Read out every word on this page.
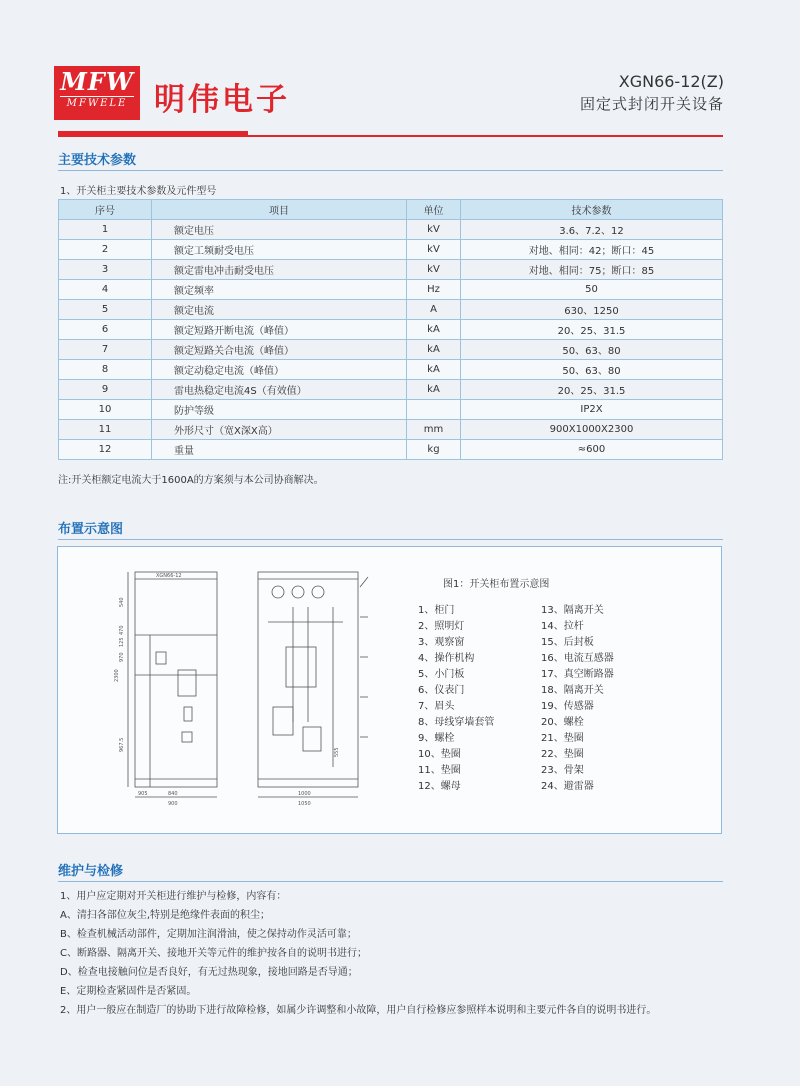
MFW
MFWELE 明伟电子
XGN66-12(Z)
固定式封闭开关设备
主要技术参数
1、开关柜主要技术参数及元件型号
序号	项目	单位	技术参数
1	额定电压	kV	3.6、7.2、12
2	额定工频耐受电压	kV	对地、相同：42；断口：45
3	额定雷电冲击耐受电压	kV	对地、相同：75；断口：85
4	额定频率	Hz	50
5	额定电流	A	630、1250
6	额定短路开断电流（峰值）	kA	20、25、31.5
7	额定短路关合电流（峰值）	kA	50、63、80
8	额定动稳定电流（峰值）	kA	50、63、80
9	雷电热稳定电流4S（有效值）	kA	20、25、31.5
10	防护等级		IP2X
11	外形尺寸（宽X深X高）	mm	900X1000X2300
12	重量	kg	≈600
注:开关柜额定电流大于1600A的方案须与本公司协商解决。
布置示意图
XGN66-12
540
2300
970
470
125
967.5
840
900
905	1000
1050
555
图1：开关柜布置示意图
1、柜门
2、照明灯
3、观察窗
4、操作机构
5、小门板
6、仪表门
7、眉头
8、母线穿墙套管
9、螺栓
10、垫圈
11、垫圈
12、螺母
13、隔离开关
14、拉杆
15、后封板
16、电流互感器
17、真空断路器
18、隔离开关
19、传感器
20、螺栓
21、垫圈
22、垫圈
23、骨架
24、避雷器
维护与检修
1、用户应定期对开关柜进行维护与检修，内容有：
A、清扫各部位灰尘,特别是绝缘件表面的积尘；
B、检查机械活动部件，定期加注润滑油，使之保持动作灵活可靠；
C、断路器、隔离开关、接地开关等元件的维护按各自的说明书进行；
D、检查电接触问位是否良好，有无过热现象，接地回路是否导通；
E、定期检查紧固件是否紧固。
2、用户一般应在制造厂的协助下进行故障检修，如属少许调整和小故障，用户自行检修应参照样本说明和主要元件各自的说明书进行。
